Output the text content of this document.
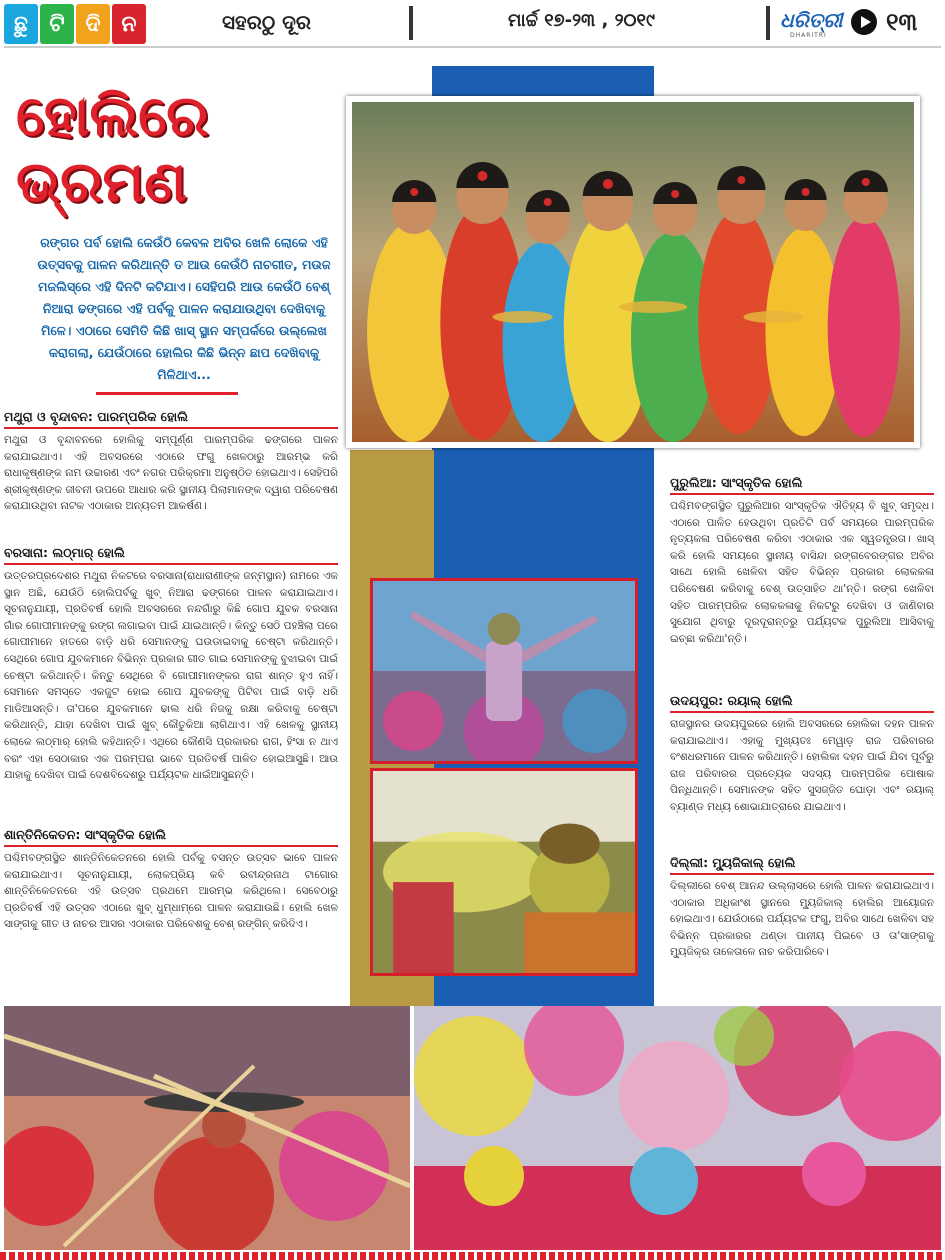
ଛୁ ଟି ଦି ନ	ସହରଠୁ ଦୂର	ମାର୍ଚ୍ଚ ୧୭-୨୩ , ୨୦୧୯	ଧରିତ୍ରୀ
DHARITRI ୧୩
ହୋଲିରେ
ଭ୍ରମଣ
ରଙ୍ଗର ପର୍ବ ହୋଲି କେଉଁଠି କେବଳ ଅବିର ଖେଳି ଲୋକେ ଏହି ଉତ୍ସବକୁ ପାଳନ କରିଥାନ୍ତି ତ ଆଉ କେଉଁଠି ନାଚଗୀତ, ମଉଜ ମଜଲିସ୍‌ରେ ଏହି ଦିନଟି କଟିଯାଏ। ସେହିପରି ଆଉ କେଉଁଠି ବେଶ୍ ନିଆରା ଢଙ୍ଗରେ ଏହି ପର୍ବକୁ ପାଳନ କରାଯାଉଥିବା ଦେଖିବାକୁ ମିଳେ। ଏଠାରେ ସେମିତି କିଛି ଖାସ୍ ସ୍ଥାନ ସମ୍ପର୍କରେ ଉଲ୍ଲେଖ କରାଗଲା, ଯେଉଁଠାରେ ହୋଲିର କିଛି ଭିନ୍ନ ଛାପ ଦେଖିବାକୁ ମିଳିଥାଏ...
ମଥୁରା ଓ ବୃନ୍ଦାବନ: ପାରମ୍ପରିକ ହୋଲି
ମଥୁରା ଓ ବୃନ୍ଦାବନରେ ହୋଲିକୁ ସମ୍ପୂର୍ଣ୍ଣ ପାରମ୍ପରିକ ଢଙ୍ଗରେ ପାଳନ କରାଯାଇଥାଏ। ଏହି ଅବସରରେ ଏଠାରେ ଫଗୁ ଖେଳଠାରୁ ଆରମ୍ଭ କରି ରାଧାକୃଷ୍ଣଙ୍କ ନାମ ଉଚ୍ଚାରଣ ଏବଂ ନଗର ପରିକ୍ରମା ଅନୁଷ୍ଠିତ ହୋଇଥାଏ। ସେହିପରି ଶ୍ରୀକୃଷ୍ଣଙ୍କ ଜୀବନୀ ଉପରେ ଆଧାର କରି ସ୍ଥାନୀୟ ପିଲାମାନଙ୍କ ଦ୍ୱାରା ପରିବେଷଣ କରାଯାଉଥିବା ନାଟକ ଏଠାକାର ଅନ୍ୟତମ ଆକର୍ଷଣ।
ବରସାନା: ଲଠ୍‌ମାର୍ ହୋଲି
ଉତ୍ତରପ୍ରଦେଶର ମଥୁରା ନିକଟରେ ବରସାନା(ରାଧାରାଣୀଙ୍କ ଜନ୍ମସ୍ଥାନ) ନାମରେ ଏକ ସ୍ଥାନ ଅଛି, ଯେଉଁଠି ହୋଲିପର୍ବକୁ ଖୁବ୍ ନିଆରା ଢଙ୍ଗରେ ପାଳନ କରାଯାଇଥାଏ। ସୂଚନାନୁଯାୟୀ, ପ୍ରତିବର୍ଷ ହୋଲି ଅବସରରେ ନନ୍ଦଗାଁରୁ କିଛି ଗୋପ ଯୁବକ ବରସାନା ଗାଁର ଗୋପୀମାନଙ୍କୁ ରଙ୍ଗ ଲଗାଇବା ପାଇଁ ଯାଇଥାନ୍ତି। କିନ୍ତୁ ସେଠି ପହଞ୍ଚିଲା ପରେ ଗୋପୀମାନେ ହାତରେ ବାଡ଼ି ଧରି ସେମାନଙ୍କୁ ଘଉଡାଇବାକୁ ଚେଷ୍ଟା କରିଥାନ୍ତି। ସେଥିରେ ଗୋପ ଯୁବକମାନେ ବିଭିନ୍ନ ପ୍ରକାର ଗୀତ ଗାଇ ସେମାନଙ୍କୁ ବୁଝାଇବା ପାଇଁ ଚେଷ୍ଟା କରିଥାନ୍ତି। କିନ୍ତୁ ସେଥିରେ ବି ଗୋପୀମାନଙ୍କର ରାଗ ଶାନ୍ତ ହୁଏ ନାହିଁ। ସେମାନେ ସମସ୍ତେ ଏକଜୁଟ ହୋଇ ଗୋପ ଯୁବକଙ୍କୁ ପିଟିବା ପାଇଁ ବାଡ଼ି ଧରି ମାଡିଆସନ୍ତି। ତା'ପରେ ଯୁବକମାନେ ଢାଲ ଧରି ନିଜକୁ ରକ୍ଷା କରିବାକୁ ଚେଷ୍ଟା କରିଥାନ୍ତି, ଯାହା ଦେଖିବା ପାଇଁ ଖୁବ୍ କୌତୁକିଆ ଲାଗିଥାଏ। ଏହି ଖେଳକୁ ସ୍ଥାନୀୟ ଲୋକେ ଲଠ୍‌ମାର୍ ହୋଲି କହିଥାନ୍ତି। ଏଥିରେ କୌଣସି ପ୍ରକାରର ରାଗ, ହିଂସା ନ ଥାଏ ବରଂ ଏହା ସେଠାକାର ଏକ ପରମ୍ପରା ଭାବେ ପ୍ରତିବର୍ଷ ପାଳିତ ହୋଇଆସୁଛି। ଆଉ ଯାହାକୁ ଦେଖିବା ପାଇଁ ଦେଶବିଦେଶରୁ ପର୍ଯ୍ୟଟକ ଧାଇଁଆସୁଛନ୍ତି।
ଶାନ୍ତିନିକେତନ: ସାଂସ୍କୃତିକ ହୋଲି
ପଶ୍ଚିମବଙ୍ଗସ୍ଥିତ ଶାନ୍ତିନିକେତନରେ ହୋଲି ପର୍ବକୁ ବସନ୍ତ ଉତ୍ସବ ଭାବେ ପାଳନ କରାଯାଇଥାଏ। ସୂଚନାନୁଯାୟୀ, ଲୋକପ୍ରିୟ କବି ରବୀନ୍ଦ୍ରନାଥ ଟାଗୋର ଶାନ୍ତିନିକେତନରେ ଏହି ଉତ୍ସବ ପ୍ରଥମେ ଆରମ୍ଭ କରିଥିଲେ। ସେବେଠାରୁ ପ୍ରତିବର୍ଷ ଏହି ଉତ୍ସବ ଏଠାରେ ଖୁବ୍ ଧୁମ୍‌ଧାମ୍‌ରେ ପାଳନ କରାଯାଉଛି। ହୋଲି ଖେଳ ସାଙ୍ଗକୁ ଗୀତ ଓ ନାଚର ଆସର ଏଠାକାର ପରିବେଶକୁ ବେଶ୍ ରଙ୍ଗିନ୍ କରିଦିଏ।
ପୁରୁଲିଆ: ସାଂସ୍କୃତିକ ହୋଲି
ପଶ୍ଚିମବଙ୍ଗସ୍ଥିତ ପୁରୁଲିଆର ସାଂସ୍କୃତିକ ଐତିହ୍ୟ ବି ଖୁବ୍ ସମୃଦ୍ଧ। ଏଠାରେ ପାଳିତ ହେଉଥିବା ପ୍ରତିଟି ପର୍ବ ସମୟରେ ପାରମ୍ପରିକ ନୃତ୍ୟକଳା ପରିବେଷଣ କରିବା ଏଠାକାର ଏକ ସ୍ୱତନ୍ତ୍ରତା। ଖାସ୍ କରି ହୋଲି ସମୟରେ ସ୍ଥାନୀୟ ବାସିନ୍ଦା ରଙ୍ଗବେରଙ୍ଗର ଅବିର ସାଥେ ହୋଲି ଖେଳିବା ସହିତ ବିଭିନ୍ନ ପ୍ରକାର ଲୋକକଳା ପରିବେଷଣ କରିବାକୁ ବେଶ୍ ଉତ୍ସାହିତ ଥା'ନ୍ତି। ରଙ୍ଗ ଖେଳିବା ସହିତ ପାରମ୍ପରିକ ଲୋକକଳାକୁ ନିକଟରୁ ଦେଖିବା ଓ ଜାଣିବାର ସୁଯୋଗ ଥିବାରୁ ଦୂରଦୂରାନ୍ତରୁ ପର୍ଯ୍ୟଟକ ପୁରୁଲିଆ ଆସିବାକୁ ଇଚ୍ଛା କରିଥା'ନ୍ତି।
ଉଦୟପୁର: ରୟାଲ୍ ହୋଲି
ରାଜସ୍ଥାନର ଉଦୟପୁରରେ ହୋଲି ଅବସରରେ ହୋଲିକା ଦହନ ପାଳନ କରାଯାଇଥାଏ। ଏହାକୁ ମୁଖ୍ୟତଃ ମେୱାଡ଼ ରାଜ ପରିବାରର ବଂଶଧରମାନେ ପାଳନ କରିଥାନ୍ତି। ହୋଲିକା ଦହନ ପାଇଁ ଯିବା ପୂର୍ବରୁ ରାଜ ପରିବାରର ପ୍ରତ୍ୟେକ ସଦସ୍ୟ ପାରମ୍ପରିକ ପୋଷାକ ପିନ୍ଧିଥାନ୍ତି। ସେମାନଙ୍କ ସହିତ ସୁସଜ୍ଜିତ ଘୋଡ଼ା ଏବଂ ରୟାଲ୍ ବ୍ୟାଣ୍ଡ ମଧ୍ୟ ଶୋଭାଯାତ୍ରାରେ ଯାଇଥାଏ।
ଦିଲ୍ଲୀ: ମ୍ୟୁଜିକାଲ୍ ହୋଲି
ଦିଲ୍ଲୀରେ ବେଶ୍ ଆନନ୍ଦ ଉଲ୍ଲାସରେ ହୋଲି ପାଳନ କରାଯାଇଥାଏ। ଏଠାକାର ଅଧିକାଂଶ ସ୍ଥାନରେ ମ୍ୟୁଜିକାଲ୍ ହୋଲିର ଆୟୋଜନ ହୋଇଥାଏ। ଯେଉଁଠାରେ ପର୍ଯ୍ୟଟକ ଫଗୁ, ଅବିର ସାଥେ ଖେଳିବା ସହ ବିଭିନ୍ନ ପ୍ରକାରର ଥଣ୍ଡା ପାନୀୟ ପିଇବେ ଓ ତା'ସାଙ୍ଗକୁ ମ୍ୟୁଜିକ୍‌ର ତାଳେତାଳେ ନାଚ କରିପାରିବେ।
